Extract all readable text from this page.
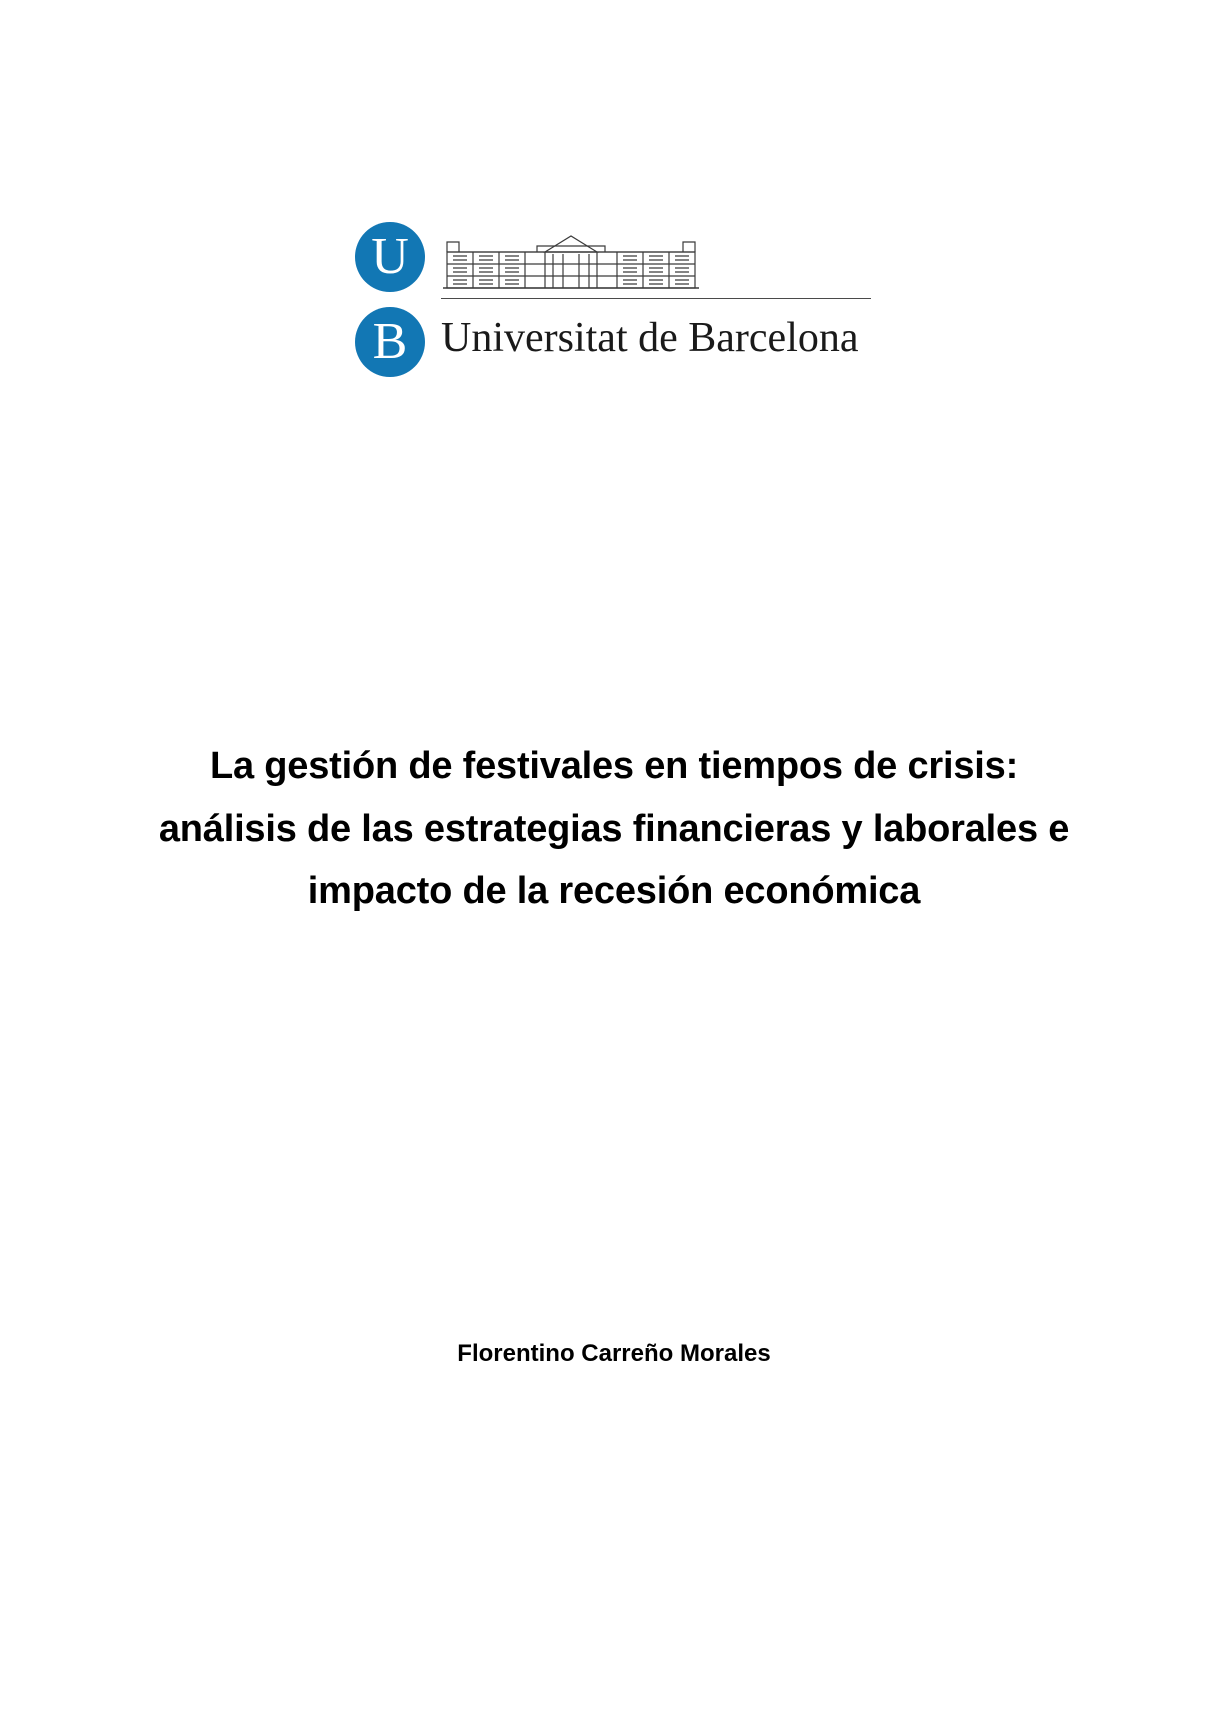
U
B Universitat de Barcelona
La gestión de festivales en tiempos de crisis: análisis de las estrategias financieras y laborales e impacto de la recesión económica
Florentino Carreño Morales
